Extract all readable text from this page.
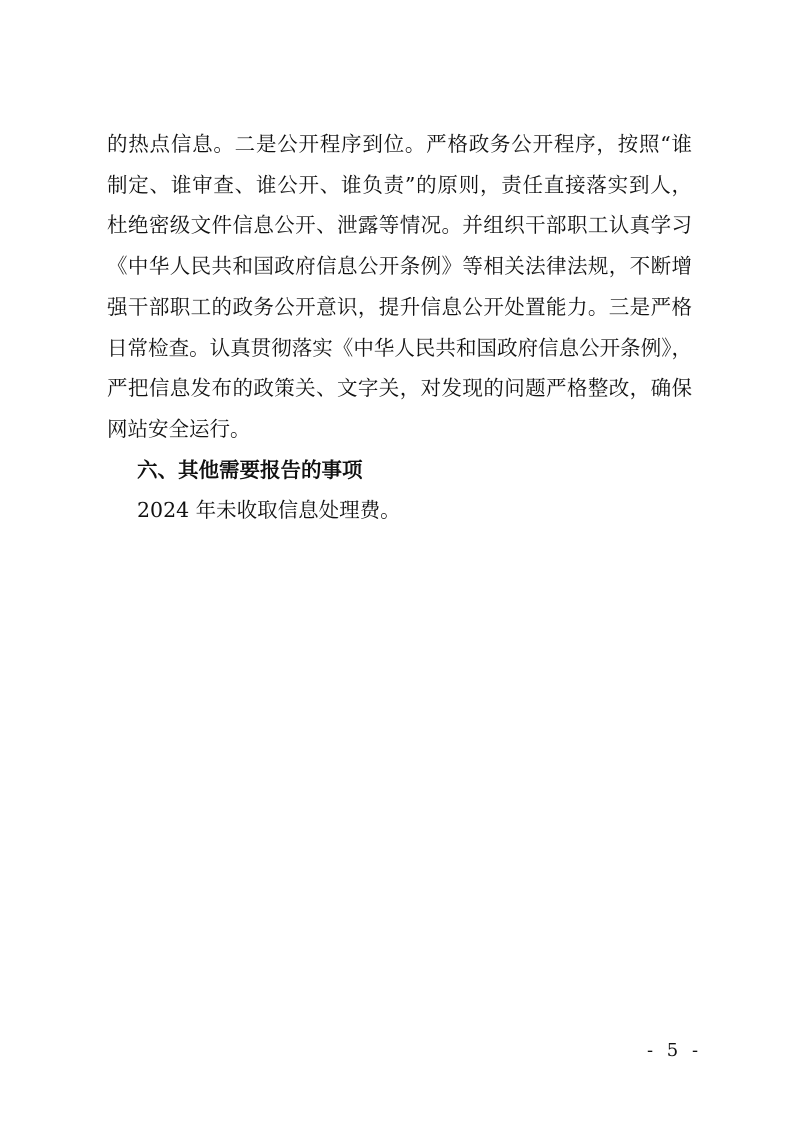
的热点信息。二是公开程序到位。严格政务公开程序，按照“谁
制定、谁审查、谁公开、谁负责”的原则，责任直接落实到人，
杜绝密级文件信息公开、泄露等情况。并组织干部职工认真学习
《中华人民共和国政府信息公开条例》等相关法律法规，不断增
强干部职工的政务公开意识，提升信息公开处置能力。三是严格
日常检查。认真贯彻落实《中华人民共和国政府信息公开条例》，
严把信息发布的政策关、文字关，对发现的问题严格整改，确保
网站安全运行。
六、其他需要报告的事项
2024 年未收取信息处理费。
- 5 -
